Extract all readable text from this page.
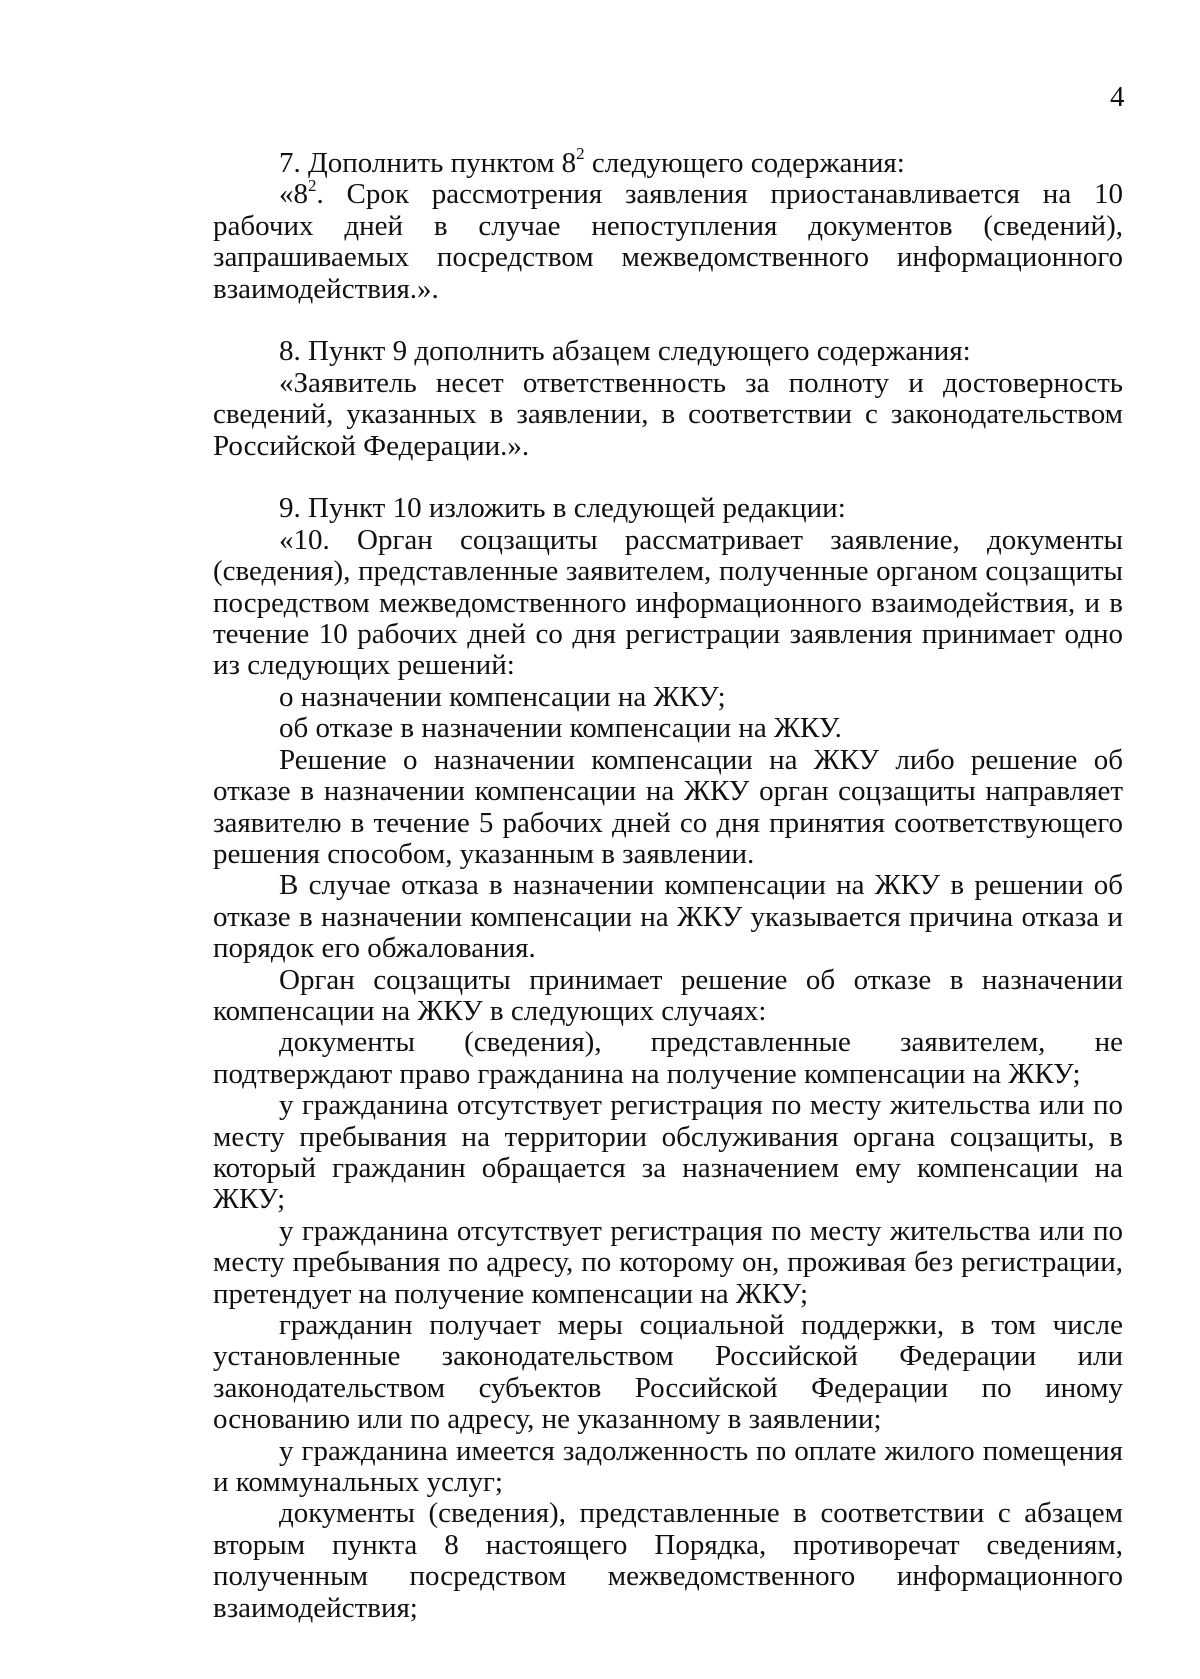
4

7. Дополнить пунктом $8^2$ следующего содержания:

«$8^2$. Срок рассмотрения заявления приостанавливается на 10 рабочих дней в случае непоступления документов (сведений), запрашиваемых посредством межведомственного информационного взаимодействия.».

8. Пункт 9 дополнить абзацем следующего содержания:

«Заявитель несет ответственность за полноту и достоверность сведений, указанных в заявлении, в соответствии с законодательством Российской Федерации.».

9. Пункт 10 изложить в следующей редакции:

«10. Орган соцзащиты рассматривает заявление, документы (сведения), представленные заявителем, полученные органом соцзащиты посредством межведомственного информационного взаимодействия, и в течение 10 рабочих дней со дня регистрации заявления принимает одно из следующих решений:

о назначении компенсации на ЖКУ;

об отказе в назначении компенсации на ЖКУ.

Решение о назначении компенсации на ЖКУ либо решение об отказе в назначении компенсации на ЖКУ орган соцзащиты направляет заявителю в течение 5 рабочих дней со дня принятия соответствующего решения способом, указанным в заявлении.

В случае отказа в назначении компенсации на ЖКУ в решении об отказе в назначении компенсации на ЖКУ указывается причина отказа и порядок его обжалования.

Орган соцзащиты принимает решение об отказе в назначении компенсации на ЖКУ в следующих случаях:

документы (сведения), представленные заявителем, не подтверждают право гражданина на получение компенсации на ЖКУ;

у гражданина отсутствует регистрация по месту жительства или по месту пребывания на территории обслуживания органа соцзащиты, в который гражданин обращается за назначением ему компенсации на ЖКУ;

у гражданина отсутствует регистрация по месту жительства или по месту пребывания по адресу, по которому он, проживая без регистрации, претендует на получение компенсации на ЖКУ;

гражданин получает меры социальной поддержки, в том числе установленные законодательством Российской Федерации или законодательством субъектов Российской Федерации по иному основанию или по адресу, не указанному в заявлении;

у гражданина имеется задолженность по оплате жилого помещения и коммунальных услуг;

документы (сведения), представленные в соответствии с абзацем вторым пункта 8 настоящего Порядка, противоречат сведениям, полученным посредством межведомственного информационного взаимодействия;
